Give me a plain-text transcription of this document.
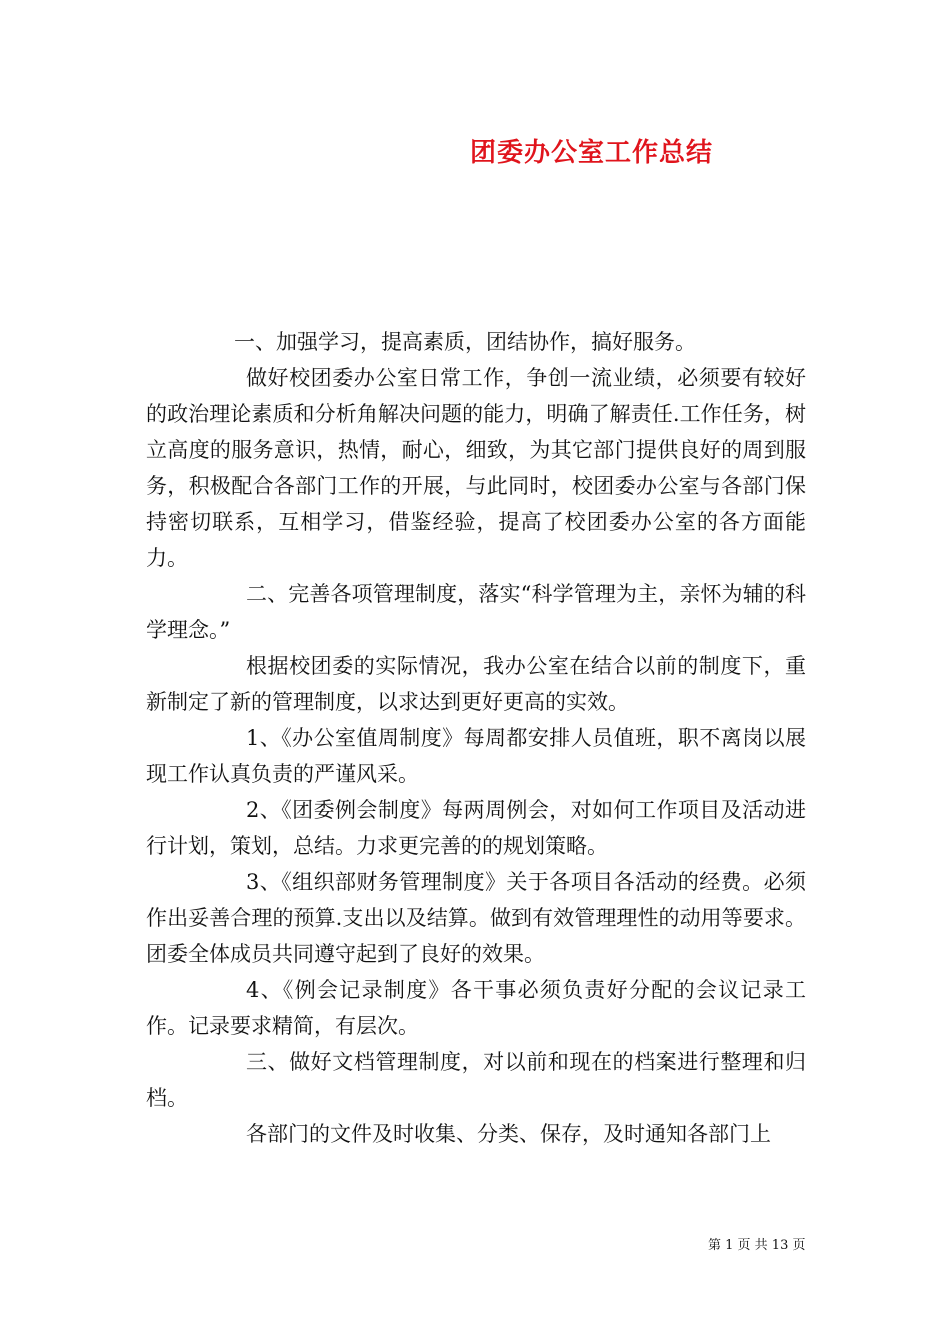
团委办公室工作总结

一、加强学习，提高素质，团结协作，搞好服务。

做好校团委办公室日常工作，争创一流业绩，必须要有较好的政治理论素质和分析角解决问题的能力，明确了解责任.工作任务，树立高度的服务意识，热情，耐心，细致，为其它部门提供良好的周到服务，积极配合各部门工作的开展，与此同时，校团委办公室与各部门保持密切联系，互相学习，借鉴经验，提高了校团委办公室的各方面能力。

二、完善各项管理制度，落实“科学管理为主，亲怀为辅的科学理念。”

根据校团委的实际情况，我办公室在结合以前的制度下，重新制定了新的管理制度，以求达到更好更高的实效。

1、《办公室值周制度》每周都安排人员值班，职不离岗以展现工作认真负责的严谨风采。

2、《团委例会制度》每两周例会，对如何工作项目及活动进行计划，策划，总结。力求更完善的的规划策略。

3、《组织部财务管理制度》关于各项目各活动的经费。必须作出妥善合理的预算.支出以及结算。做到有效管理理性的动用等要求。团委全体成员共同遵守起到了良好的效果。

4、《例会记录制度》各干事必须负责好分配的会议记录工作。记录要求精简，有层次。

三、做好文档管理制度，对以前和现在的档案进行整理和归档。

各部门的文件及时收集、分类、保存，及时通知各部门上

第 1 页 共 13 页
